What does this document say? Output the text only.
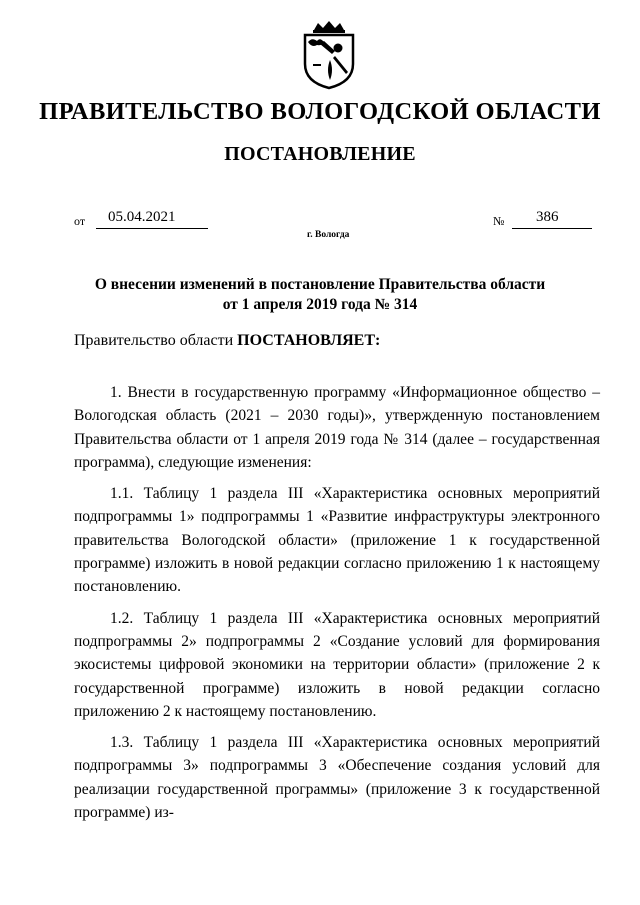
ПРАВИТЕЛЬСТВО ВОЛОГОДСКОЙ ОБЛАСТИ
ПОСТАНОВЛЕНИЕ
от	05.04.2021	№	386
г. Вологда
О внесении изменений в постановление Правительства области
от 1 апреля 2019 года № 314
Правительство области ПОСТАНОВЛЯЕТ:

1. Внести в государственную программу «Информационное общество – Вологодская область (2021 – 2030 годы)», утвержденную постановлением Правительства области от 1 апреля 2019 года № 314 (далее – государственная программа), следующие изменения:

1.1. Таблицу 1 раздела III «Характеристика основных мероприятий подпрограммы 1» подпрограммы 1 «Развитие инфраструктуры электронного правительства Вологодской области» (приложение 1 к государственной программе) изложить в новой редакции согласно приложению 1 к настоящему постановлению.

1.2. Таблицу 1 раздела III «Характеристика основных мероприятий подпрограммы 2» подпрограммы 2 «Создание условий для формирования экосистемы цифровой экономики на территории области» (приложение 2 к государственной программе) изложить в новой редакции согласно приложению 2 к настоящему постановлению.

1.3. Таблицу 1 раздела III «Характеристика основных мероприятий подпрограммы 3» подпрограммы 3 «Обеспечение создания условий для реализации государственной программы» (приложение 3 к государственной программе) из-
